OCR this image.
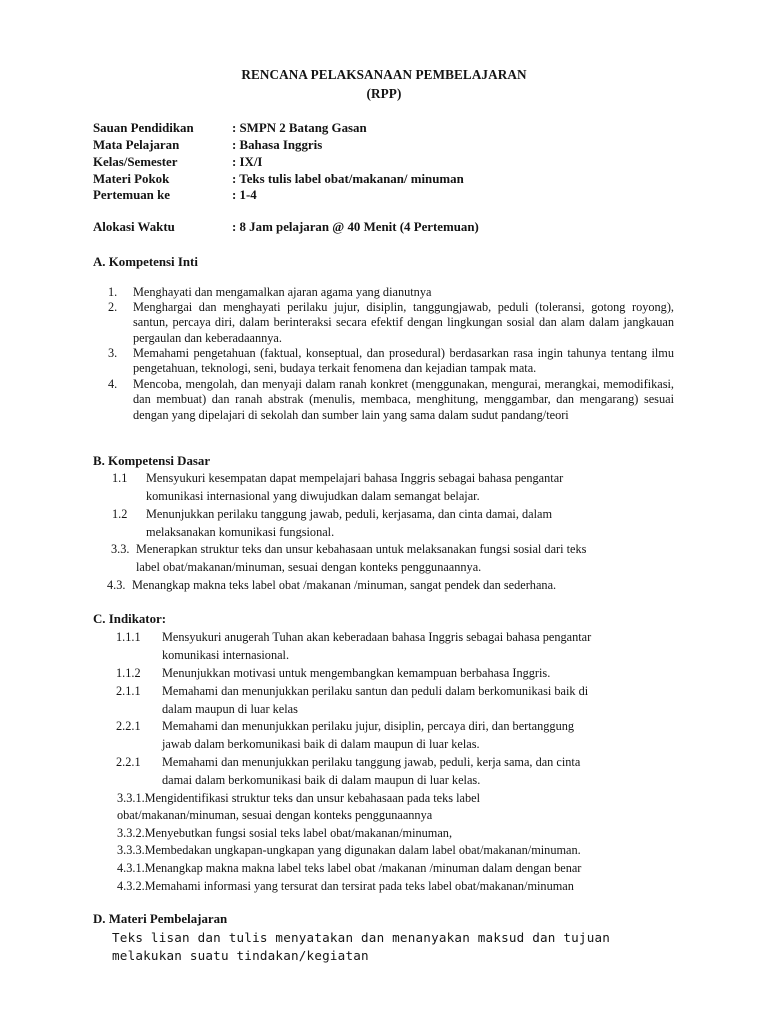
RENCANA PELAKSANAAN PEMBELAJARAN
(RPP)
Sauan Pendidikan	: SMPN 2 Batang Gasan
Mata Pelajaran	: Bahasa Inggris
Kelas/Semester	: IX/I
Materi Pokok	: Teks tulis label obat/makanan/ minuman
Pertemuan ke	: 1-4
Alokasi Waktu	: 8 Jam pelajaran @ 40 Menit (4 Pertemuan)
A. Kompetensi Inti
1. Menghayati dan mengamalkan ajaran agama yang dianutnya
2. Menghargai dan menghayati perilaku jujur, disiplin, tanggungjawab, peduli (toleransi, gotong royong), santun, percaya diri, dalam berinteraksi secara efektif dengan lingkungan sosial dan alam dalam jangkauan pergaulan dan keberadaannya.
3. Memahami pengetahuan (faktual, konseptual, dan prosedural) berdasarkan rasa ingin tahunya tentang ilmu pengetahuan, teknologi, seni, budaya terkait fenomena dan kejadian tampak mata.
4. Mencoba, mengolah, dan menyaji dalam ranah konkret (menggunakan, mengurai, merangkai, memodifikasi, dan membuat) dan ranah abstrak (menulis, membaca, menghitung, menggambar, dan mengarang) sesuai dengan yang dipelajari di sekolah dan sumber lain yang sama dalam sudut pandang/teori
B. Kompetensi Dasar
1.1 Mensyukuri kesempatan dapat mempelajari bahasa Inggris sebagai bahasa pengantar
komunikasi internasional yang diwujudkan dalam semangat belajar.
1.2 Menunjukkan perilaku tanggung jawab, peduli, kerjasama, dan cinta damai, dalam
melaksanakan komunikasi fungsional.
3.3. Menerapkan struktur teks dan unsur kebahasaan untuk melaksanakan fungsi sosial dari teks
label obat/makanan/minuman, sesuai dengan konteks penggunaannya.
4.3. Menangkap makna teks label obat /makanan /minuman, sangat pendek dan sederhana.
C. Indikator:
1.1.1 Mensyukuri anugerah Tuhan akan keberadaan bahasa Inggris sebagai bahasa pengantar
komunikasi internasional.
1.1.2 Menunjukkan motivasi untuk mengembangkan kemampuan berbahasa Inggris.
2.1.1 Memahami dan menunjukkan perilaku santun dan peduli dalam berkomunikasi baik di
dalam maupun di luar kelas
2.2.1 Memahami dan menunjukkan perilaku jujur, disiplin, percaya diri, dan bertanggung
jawab dalam berkomunikasi baik di dalam maupun di luar kelas.
2.2.1 Memahami dan menunjukkan perilaku tanggung jawab, peduli, kerja sama, dan cinta
damai dalam berkomunikasi baik di dalam maupun di luar kelas.
3.3.1.Mengidentifikasi struktur teks dan unsur kebahasaan pada teks label
obat/makanan/minuman, sesuai dengan konteks penggunaannya
3.3.2.Menyebutkan fungsi sosial teks label obat/makanan/minuman,
3.3.3.Membedakan ungkapan-ungkapan yang digunakan dalam label obat/makanan/minuman.
4.3.1.Menangkap makna makna label teks label obat /makanan /minuman dalam dengan benar
4.3.2.Memahami informasi yang tersurat dan tersirat pada teks label obat/makanan/minuman
D. Materi Pembelajaran
Teks lisan dan tulis menyatakan dan menanyakan maksud dan tujuan
melakukan suatu tindakan/kegiatan
